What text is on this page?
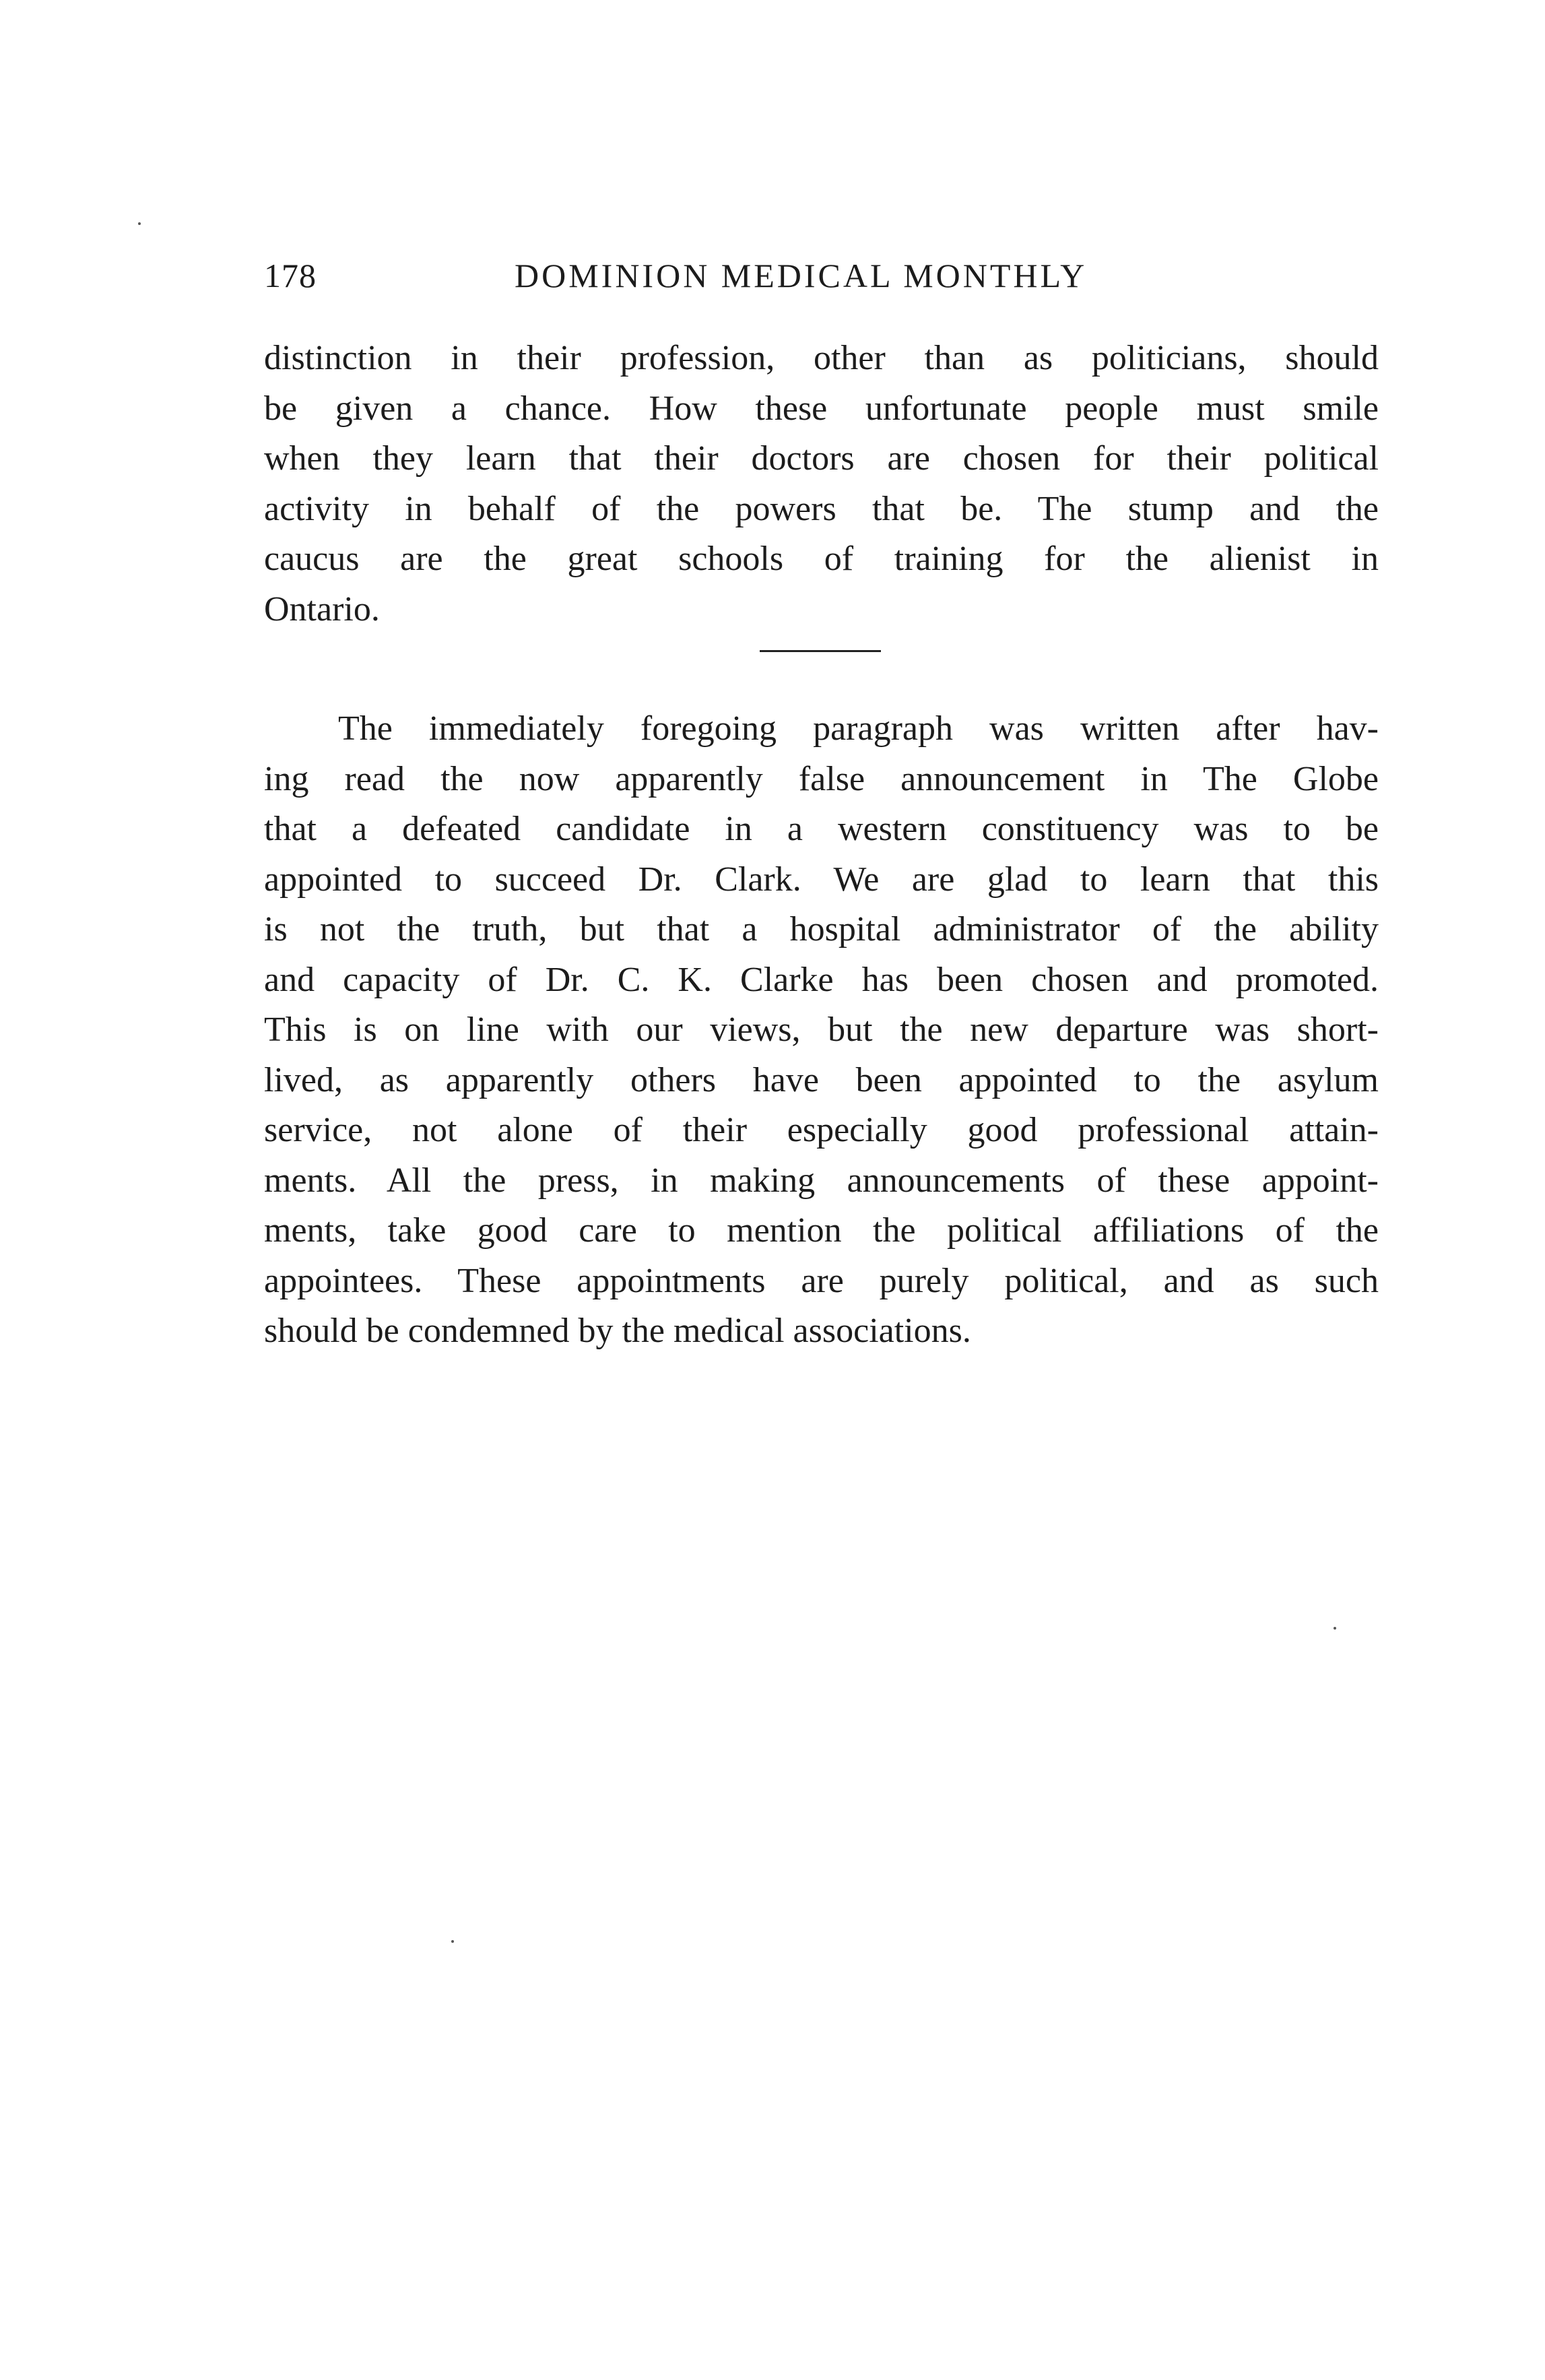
178	DOMINION MEDICAL MONTHLY
distinction in their profession, other than as politicians, should
be given a chance. How these unfortunate people must smile
when they learn that their doctors are chosen for their political
activity in behalf of the powers that be. The stump and the
caucus are the great schools of training for the alienist in
Ontario.
The immediately foregoing paragraph was written after hav-
ing read the now apparently false announcement in The Globe
that a defeated candidate in a western constituency was to be
appointed to succeed Dr. Clark. We are glad to learn that this
is not the truth, but that a hospital administrator of the ability
and capacity of Dr. C. K. Clarke has been chosen and promoted.
This is on line with our views, but the new departure was short-
lived, as apparently others have been appointed to the asylum
service, not alone of their especially good professional attain-
ments. All the press, in making announcements of these appoint-
ments, take good care to mention the political affiliations of the
appointees. These appointments are purely political, and as such
should be condemned by the medical associations.
